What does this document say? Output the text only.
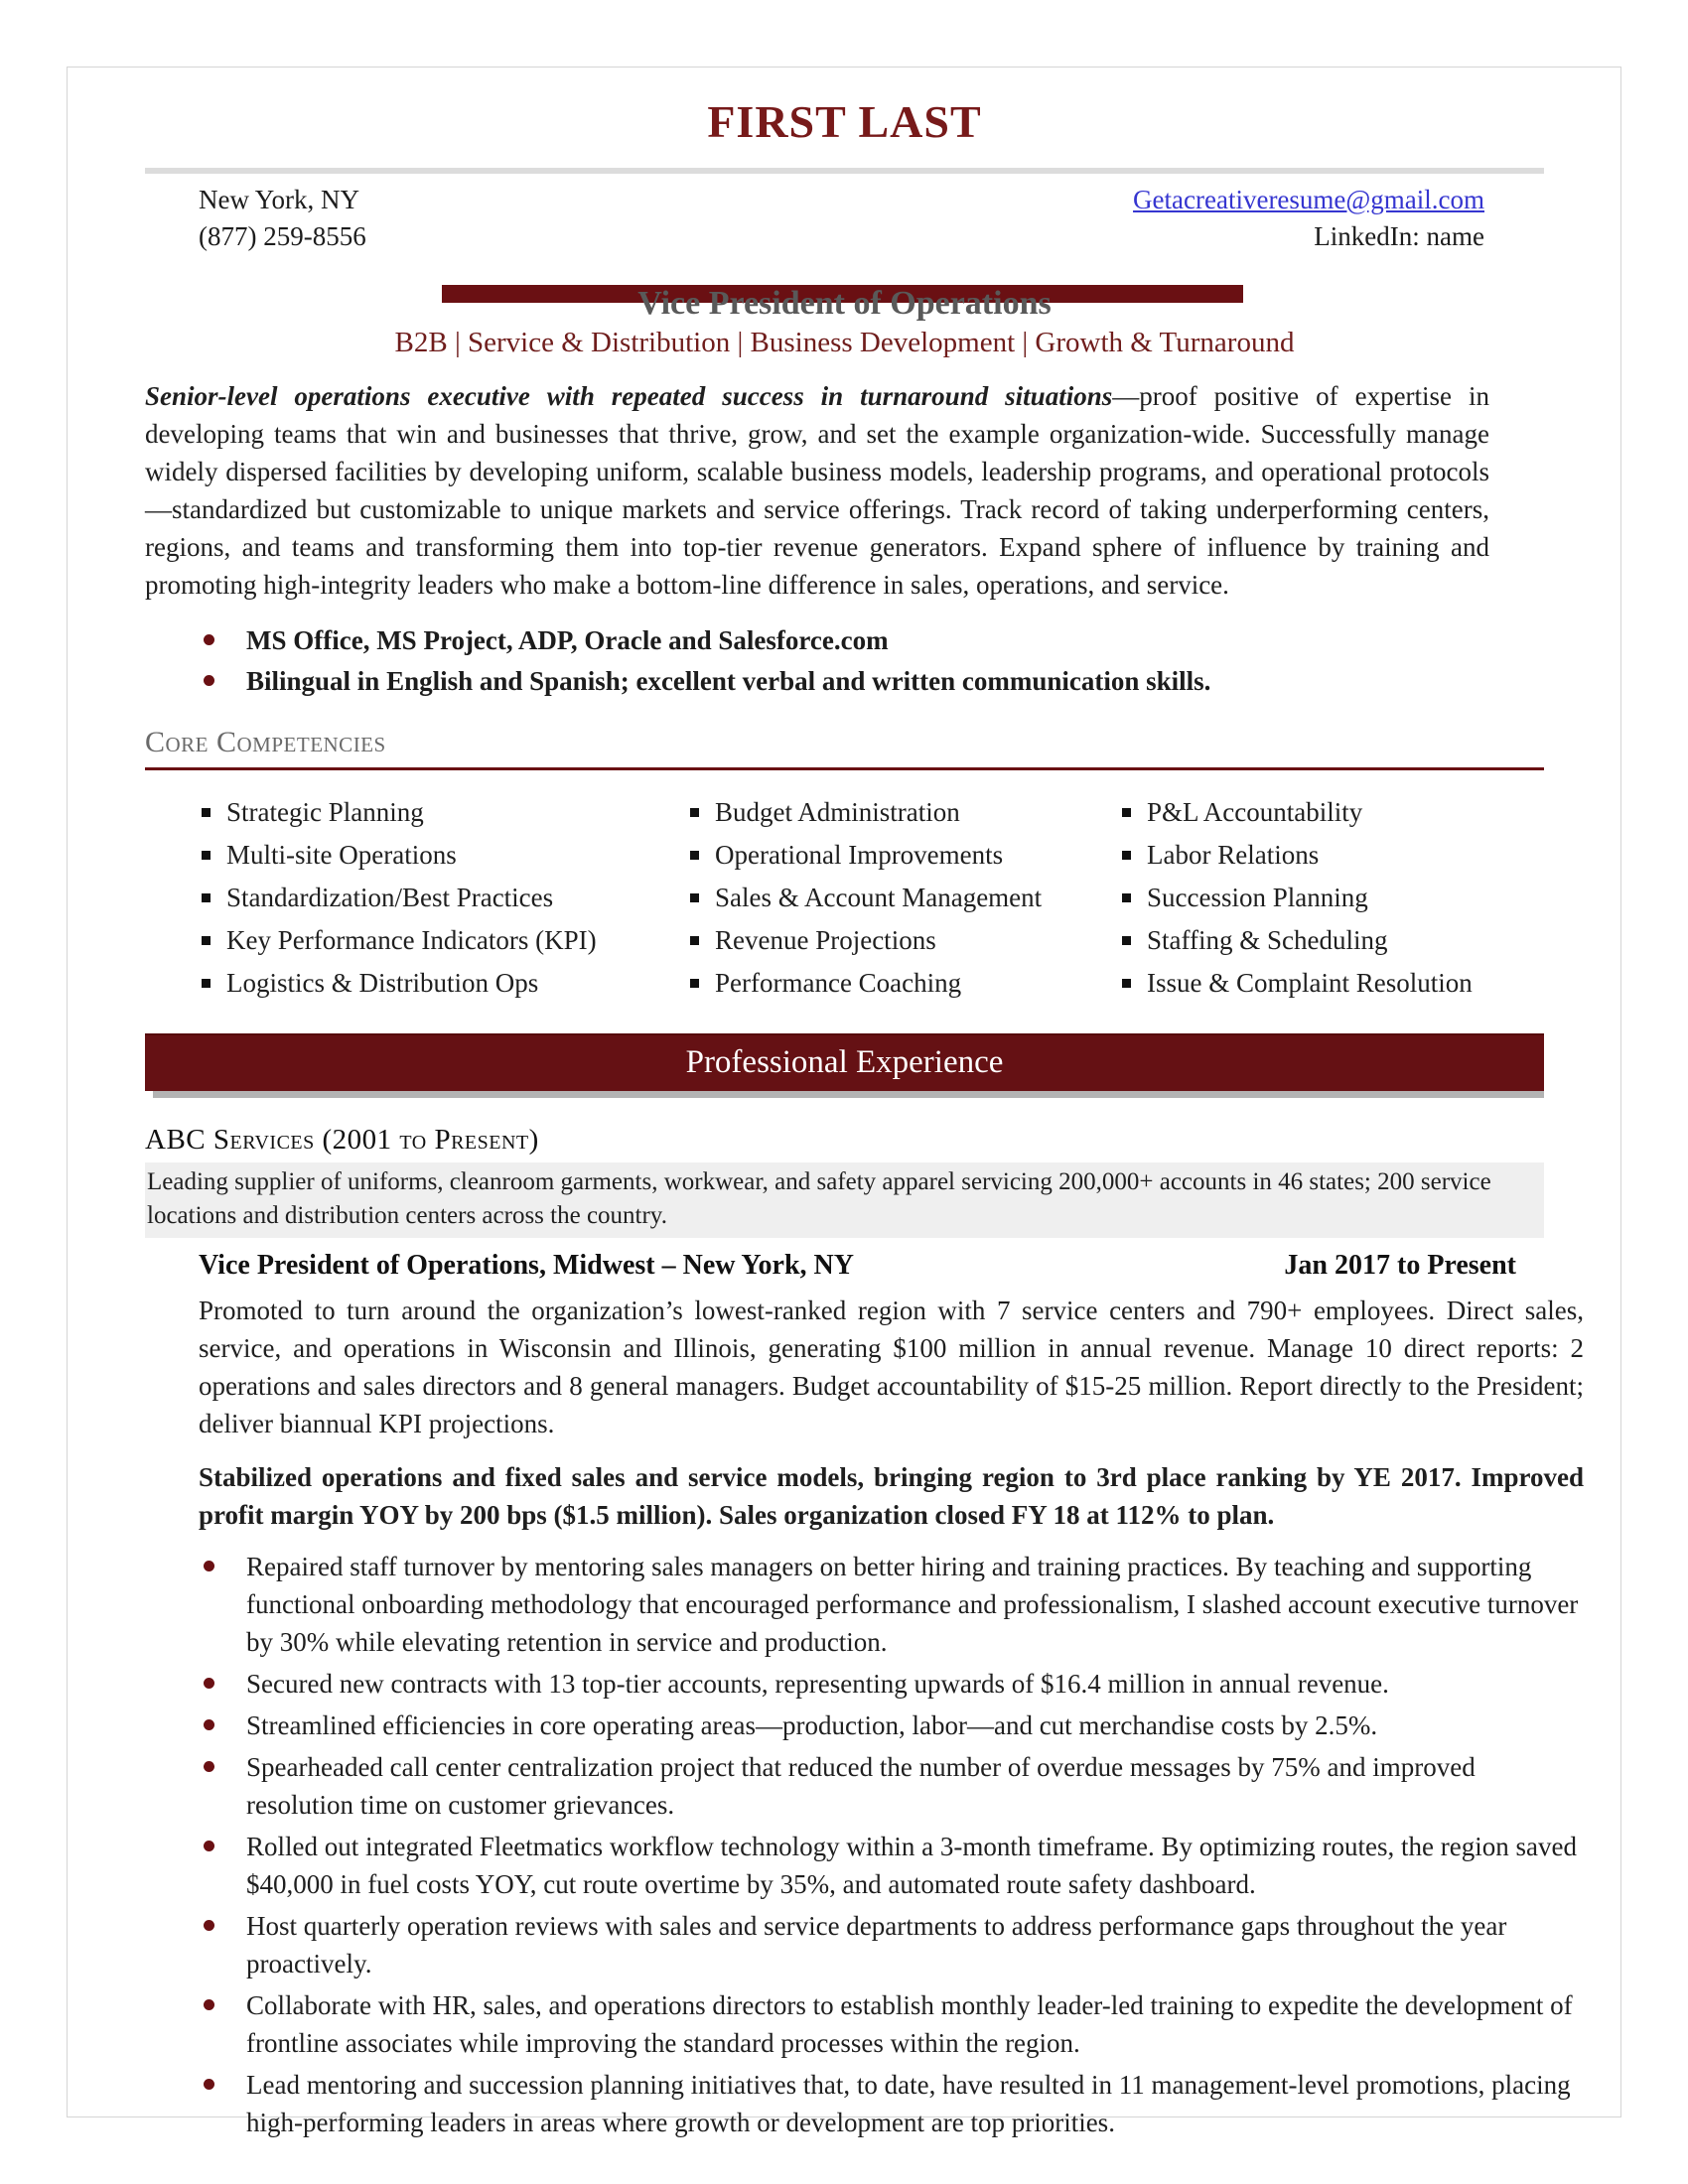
FIRST LAST
New York, NY
(877) 259-8556
Getacreativeresume@gmail.com
LinkedIn: name
Vice President of Operations
B2B | Service & Distribution | Business Development | Growth & Turnaround

Senior-level operations executive with repeated success in turnaround situations—proof positive of expertise in developing teams that win and businesses that thrive, grow, and set the example organization-wide. Successfully manage widely dispersed facilities by developing uniform, scalable business models, leadership programs, and operational protocols—standardized but customizable to unique markets and service offerings. Track record of taking underperforming centers, regions, and teams and transforming them into top-tier revenue generators. Expand sphere of influence by training and promoting high-integrity leaders who make a bottom-line difference in sales, operations, and service.

MS Office, MS Project, ADP, Oracle and Salesforce.com
Bilingual in English and Spanish; excellent verbal and written communication skills.
Core Competencies
Strategic Planning	Budget Administration	P&L Accountability
Multi-site Operations	Operational Improvements	Labor Relations
Standardization/Best Practices	Sales & Account Management	Succession Planning
Key Performance Indicators (KPI)	Revenue Projections	Staffing & Scheduling
Logistics & Distribution Ops	Performance Coaching	Issue & Complaint Resolution
Professional Experience
ABC Services (2001 to Present)
Leading supplier of uniforms, cleanroom garments, workwear, and safety apparel servicing 200,000+ accounts in 46 states; 200 service locations and distribution centers across the country.
Vice President of Operations, Midwest – New York, NY	Jan 2017 to Present

Promoted to turn around the organization’s lowest-ranked region with 7 service centers and 790+ employees. Direct sales, service, and operations in Wisconsin and Illinois, generating $100 million in annual revenue. Manage 10 direct reports: 2 operations and sales directors and 8 general managers. Budget accountability of $15-25 million. Report directly to the President; deliver biannual KPI projections.

Stabilized operations and fixed sales and service models, bringing region to 3rd place ranking by YE 2017. Improved profit margin YOY by 200 bps ($1.5 million). Sales organization closed FY 18 at 112% to plan.

Repaired staff turnover by mentoring sales managers on better hiring and training practices. By teaching and supporting functional onboarding methodology that encouraged performance and professionalism, I slashed account executive turnover by 30% while elevating retention in service and production.
Secured new contracts with 13 top-tier accounts, representing upwards of $16.4 million in annual revenue.
Streamlined efficiencies in core operating areas—production, labor—and cut merchandise costs by 2.5%.
Spearheaded call center centralization project that reduced the number of overdue messages by 75% and improved resolution time on customer grievances.
Rolled out integrated Fleetmatics workflow technology within a 3-month timeframe. By optimizing routes, the region saved $40,000 in fuel costs YOY, cut route overtime by 35%, and automated route safety dashboard.
Host quarterly operation reviews with sales and service departments to address performance gaps throughout the year proactively.
Collaborate with HR, sales, and operations directors to establish monthly leader-led training to expedite the development of frontline associates while improving the standard processes within the region.
Lead mentoring and succession planning initiatives that, to date, have resulted in 11 management-level promotions, placing high-performing leaders in areas where growth or development are top priorities.
